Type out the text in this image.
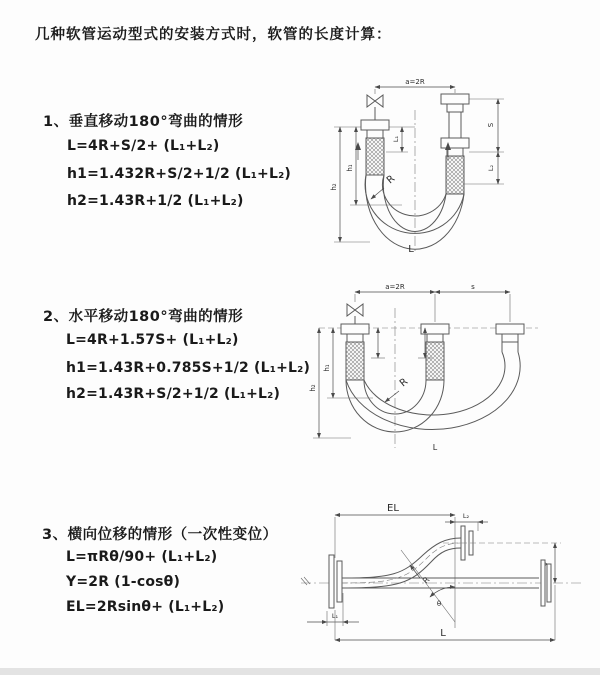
几种软管运动型式的安装方式时，软管的长度计算：
1、垂直移动180°弯曲的情形
L=4R+S/2+ (L₁+L₂)
h1=1.432R+S/2+1/2 (L₁+L₂)
h2=1.43R+1/2 (L₁+L₂)
a=2R
h₁
h₂
L₁
S
L₂
R
L
2、水平移动180°弯曲的情形
L=4R+1.57S+ (L₁+L₂)
h1=1.43R+0.785S+1/2 (L₁+L₂)
h2=1.43R+S/2+1/2 (L₁+L₂)
a=2R	s
h₁
h₂	R
L
3、横向位移的情形（一次性变位）
L=πRθ/90+ (L₁+L₂)
Y=2R (1-cosθ)
EL=2Rsinθ+ (L₁+L₂)
EL
L₂
R
θ
L₁
L
